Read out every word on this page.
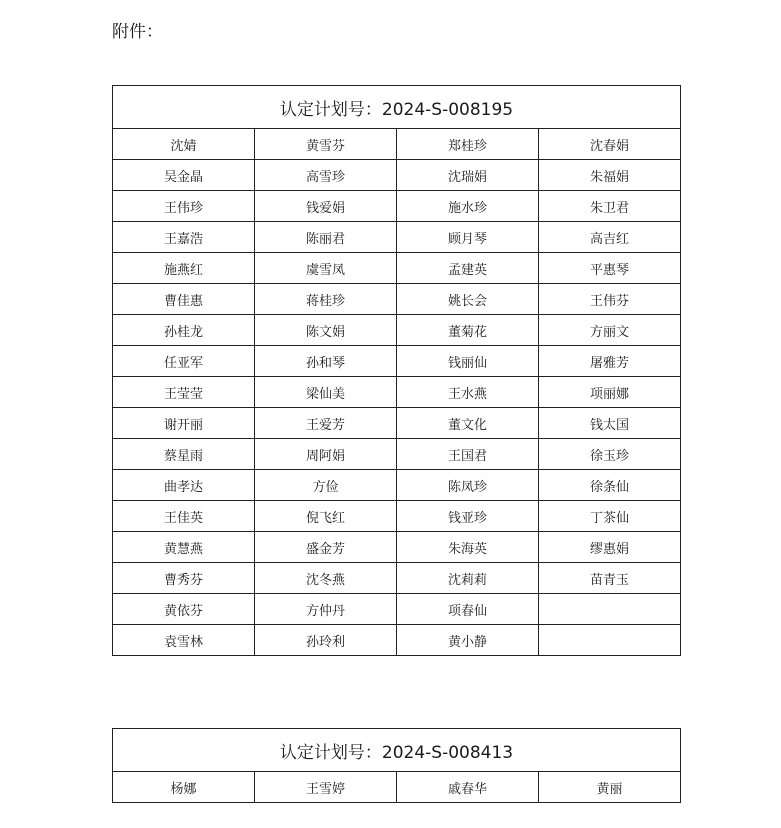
附件：
认定计划号：2024-S-008195			
沈婧	黄雪芬	郑桂珍	沈春娟
吴金晶	高雪珍	沈瑞娟	朱福娟
王伟珍	钱爱娟	施水珍	朱卫君
王嘉浩	陈丽君	顾月琴	高吉红
施燕红	虞雪凤	孟建英	平惠琴
曹佳惠	蒋桂珍	姚长会	王伟芬
孙桂龙	陈文娟	董菊花	方丽文
任亚军	孙和琴	钱丽仙	屠雅芳
王莹莹	梁仙美	王水燕	项丽娜
谢开丽	王爱芳	董文化	钱太国
蔡星雨	周阿娟	王国君	徐玉珍
曲孝达	方俭	陈凤珍	徐条仙
王佳英	倪飞红	钱亚珍	丁茶仙
黄慧燕	盛金芳	朱海英	缪惠娟
曹秀芬	沈冬燕	沈莉莉	苗青玉
黄依芬	方仲丹	项春仙	
袁雪林	孙玲利	黄小静	
认定计划号：2024-S-008413
杨娜	王雪婷	戚春华	黄丽
